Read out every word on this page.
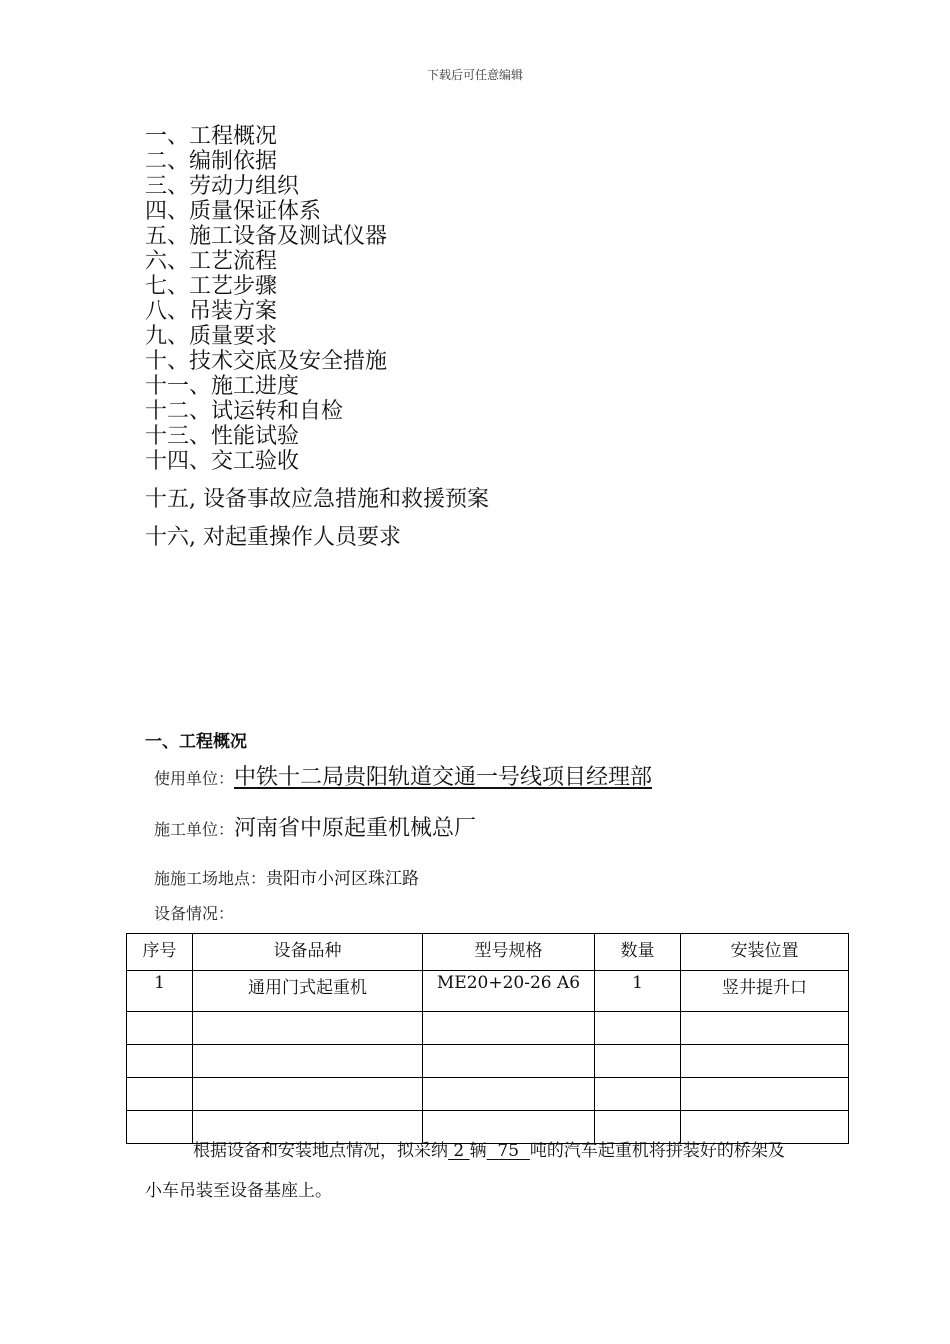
下载后可任意编辑
一、工程概况
二、编制依据
三、劳动力组织
四、质量保证体系
五、施工设备及测试仪器
六、工艺流程
七、工艺步骤
八、吊装方案
九、质量要求
十、技术交底及安全措施
十一、施工进度
十二、试运转和自检
十三、性能试验
十四、交工验收
十五, 设备事故应急措施和救援预案
十六, 对起重操作人员要求
一、工程概况
使用单位：中铁十二局贵阳轨道交通一号线项目经理部
施工单位：河南省中原起重机械总厂
施施工场地点：贵阳市小河区珠江路
设备情况：
序号	设备品种	型号规格	数量	安装位置
1	通用门式起重机	ME20+20-26 A6	1	竖井提升口

根据设备和安装地点情况，拟采纳 2 辆  75  吨的汽车起重机将拼装好的桥架及
小车吊装至设备基座上。
